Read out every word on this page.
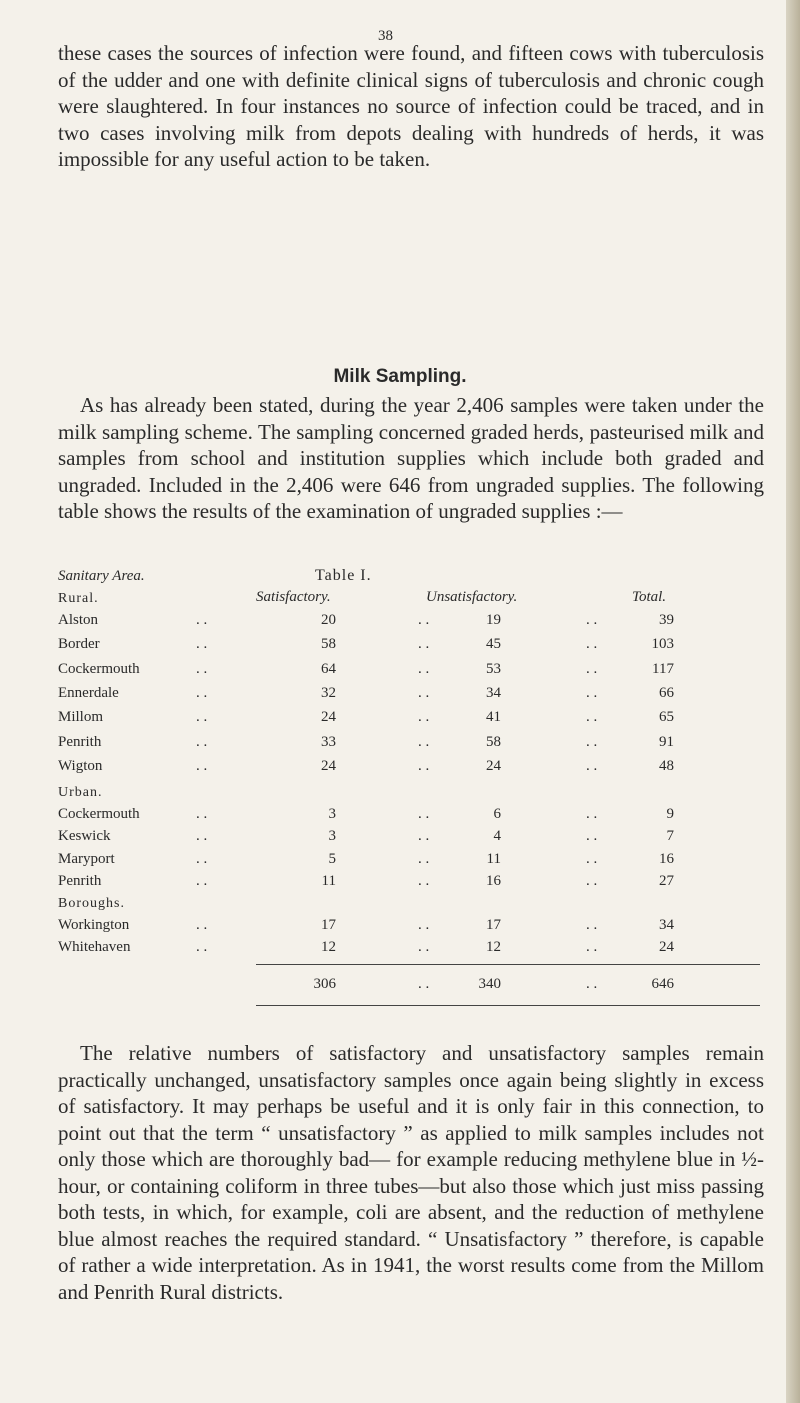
38

these cases the sources of infection were found, and fifteen cows with tuberculosis of the udder and one with definite clinical signs of tuberculosis and chronic cough were slaughtered. In four instances no source of infection could be traced, and in two cases involving milk from depots dealing with hundreds of herds, it was impossible for any useful action to be taken.

Milk Sampling.

As has already been stated, during the year 2,406 samples were taken under the milk sampling scheme. The sampling concerned graded herds, pasteurised milk and samples from school and institution supplies which include both graded and ungraded. Included in the 2,406 were 646 from ungraded supplies. The following table shows the results of the examination of ungraded supplies :—

Table I.
Sanitary Area.
Satisfactory.	Unsatisfactory.	Total.
Rural.
Alston	. .	20	. .	19	. .	39
Border	. .	58	. .	45	. .	103
Cockermouth	. .	64	. .	53	. .	117
Ennerdale	. .	32	. .	34	. .	66
Millom	. .	24	. .	41	. .	65
Penrith	. .	33	. .	58	. .	91
Wigton	. .	24	. .	24	. .	48
Urban.
Cockermouth	. .	3	. .	6	. .	9
Keswick	. .	3	. .	4	. .	7
Maryport	. .	5	. .	11	. .	16
Penrith	. .	11	. .	16	. .	27
Boroughs.
Workington	. .	17	. .	17	. .	34
Whitehaven	. .	12	. .	12	. .	24
306	. .	340	. .	646

The relative numbers of satisfactory and unsatisfactory samples remain practically unchanged, unsatisfactory samples once again being slightly in excess of satisfactory. It may perhaps be useful and it is only fair in this connection, to point out that the term “ unsatisfactory ” as applied to milk samples includes not only those which are thoroughly bad— for example reducing methylene blue in ½-hour, or containing coliform in three tubes—but also those which just miss passing both tests, in which, for example, coli are absent, and the reduction of methylene blue almost reaches the required standard. “ Unsatisfactory ” therefore, is capable of rather a wide interpretation. As in 1941, the worst results come from the Millom and Penrith Rural districts.
